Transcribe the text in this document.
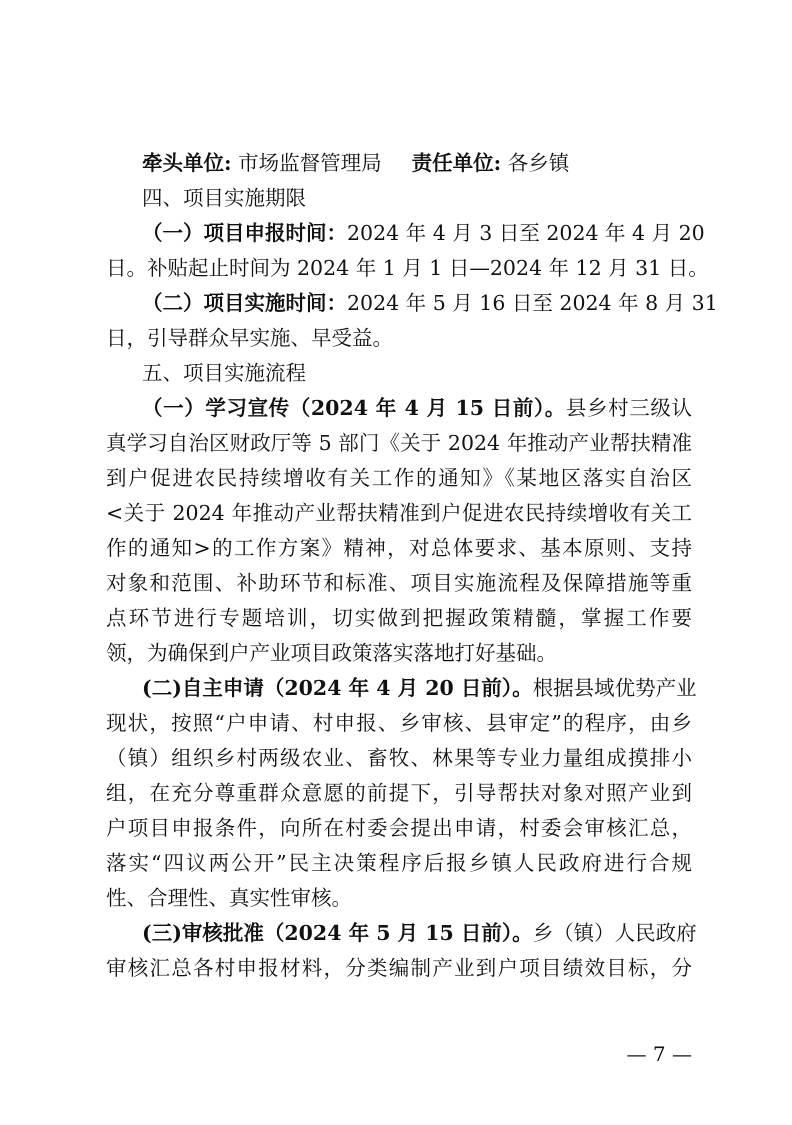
牵头单位: 市场监督管理局 责任单位: 各乡镇
四、项目实施期限
（一）项目申报时间：2024 年 4 月 3 日至 2024 年 4 月 20
日。补贴起止时间为 2024 年 1 月 1 日—2024 年 12 月 31 日。
（二）项目实施时间：2024 年 5 月 16 日至 2024 年 8 月 31
日，引导群众早实施、早受益。
五、项目实施流程
（一）学习宣传（2024 年 4 月 15 日前）。县乡村三级认
真学习自治区财政厅等 5 部门《关于 2024 年推动产业帮扶精准
到户促进农民持续增收有关工作的通知》《某地区落实自治区
<关于 2024 年推动产业帮扶精准到户促进农民持续增收有关工
作的通知>的工作方案》精神，对总体要求、基本原则、支持
对象和范围、补助环节和标准、项目实施流程及保障措施等重
点环节进行专题培训，切实做到把握政策精髓，掌握工作要
领，为确保到户产业项目政策落实落地打好基础。
(二)自主申请（2024 年 4 月 20 日前）。根据县域优势产业
现状，按照“户申请、村申报、乡审核、县审定”的程序，由乡
（镇）组织乡村两级农业、畜牧、林果等专业力量组成摸排小
组，在充分尊重群众意愿的前提下，引导帮扶对象对照产业到
户项目申报条件，向所在村委会提出申请，村委会审核汇总，
落实“四议两公开”民主决策程序后报乡镇人民政府进行合规
性、合理性、真实性审核。
(三)审核批准（2024 年 5 月 15 日前）。乡（镇）人民政府
审核汇总各村申报材料，分类编制产业到户项目绩效目标，分
— 7 —
